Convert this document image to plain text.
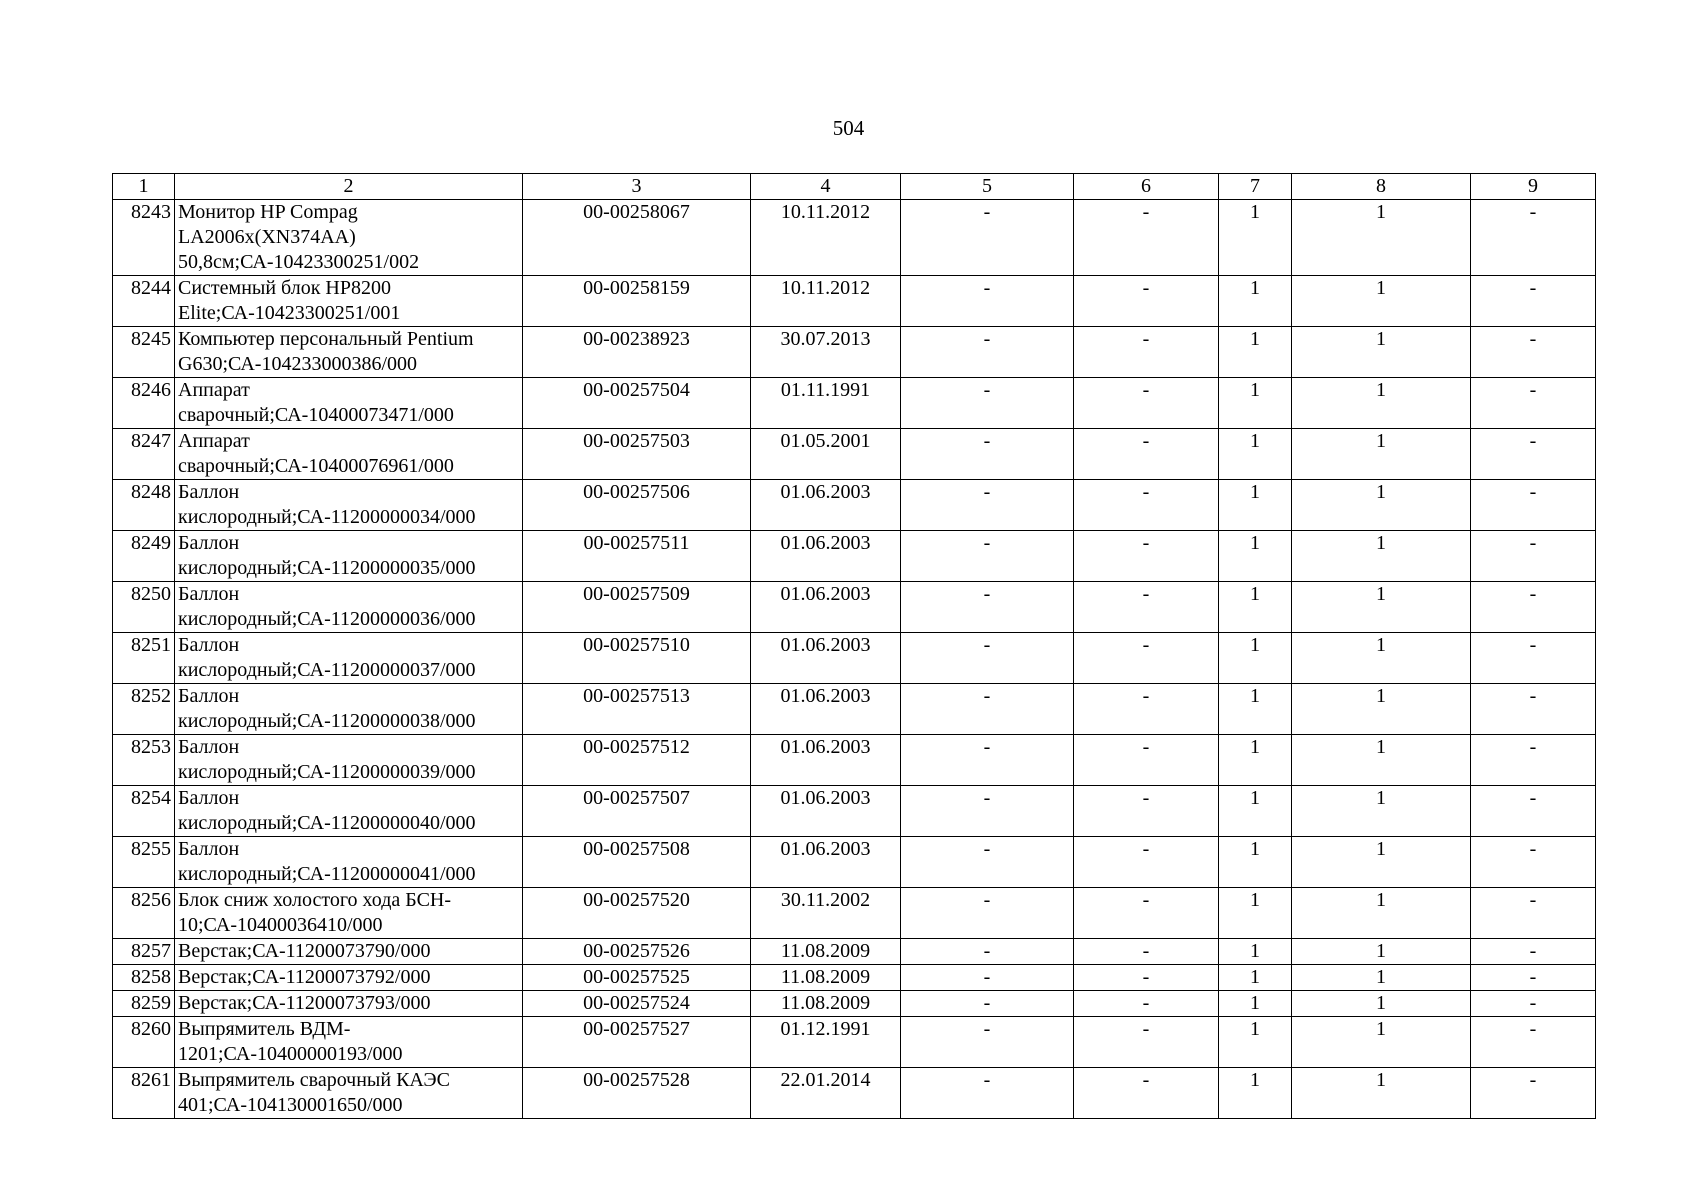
504
1	2	3	4	5	6	7	8	9
8243	Монитор HP Compag
LA2006x(XN374AA)
50,8см;СА-10423300251/002	00-00258067	10.11.2012	-	-	1	1	-
8244	Системный блок HP8200
Elite;СА-10423300251/001	00-00258159	10.11.2012	-	-	1	1	-
8245	Компьютер персональный Pentium
G630;СА-104233000386/000	00-00238923	30.07.2013	-	-	1	1	-
8246	Аппарат
сварочный;СА-10400073471/000	00-00257504	01.11.1991	-	-	1	1	-
8247	Аппарат
сварочный;СА-10400076961/000	00-00257503	01.05.2001	-	-	1	1	-
8248	Баллон
кислородный;СА-11200000034/000	00-00257506	01.06.2003	-	-	1	1	-
8249	Баллон
кислородный;СА-11200000035/000	00-00257511	01.06.2003	-	-	1	1	-
8250	Баллон
кислородный;СА-11200000036/000	00-00257509	01.06.2003	-	-	1	1	-
8251	Баллон
кислородный;СА-11200000037/000	00-00257510	01.06.2003	-	-	1	1	-
8252	Баллон
кислородный;СА-11200000038/000	00-00257513	01.06.2003	-	-	1	1	-
8253	Баллон
кислородный;СА-11200000039/000	00-00257512	01.06.2003	-	-	1	1	-
8254	Баллон
кислородный;СА-11200000040/000	00-00257507	01.06.2003	-	-	1	1	-
8255	Баллон
кислородный;СА-11200000041/000	00-00257508	01.06.2003	-	-	1	1	-
8256	Блок сниж холостого хода БСН-
10;СА-10400036410/000	00-00257520	30.11.2002	-	-	1	1	-
8257	Верстак;СА-11200073790/000	00-00257526	11.08.2009	-	-	1	1	-
8258	Верстак;СА-11200073792/000	00-00257525	11.08.2009	-	-	1	1	-
8259	Верстак;СА-11200073793/000	00-00257524	11.08.2009	-	-	1	1	-
8260	Выпрямитель ВДМ-
1201;СА-10400000193/000	00-00257527	01.12.1991	-	-	1	1	-
8261	Выпрямитель сварочный КАЭС
401;СА-104130001650/000	00-00257528	22.01.2014	-	-	1	1	-
